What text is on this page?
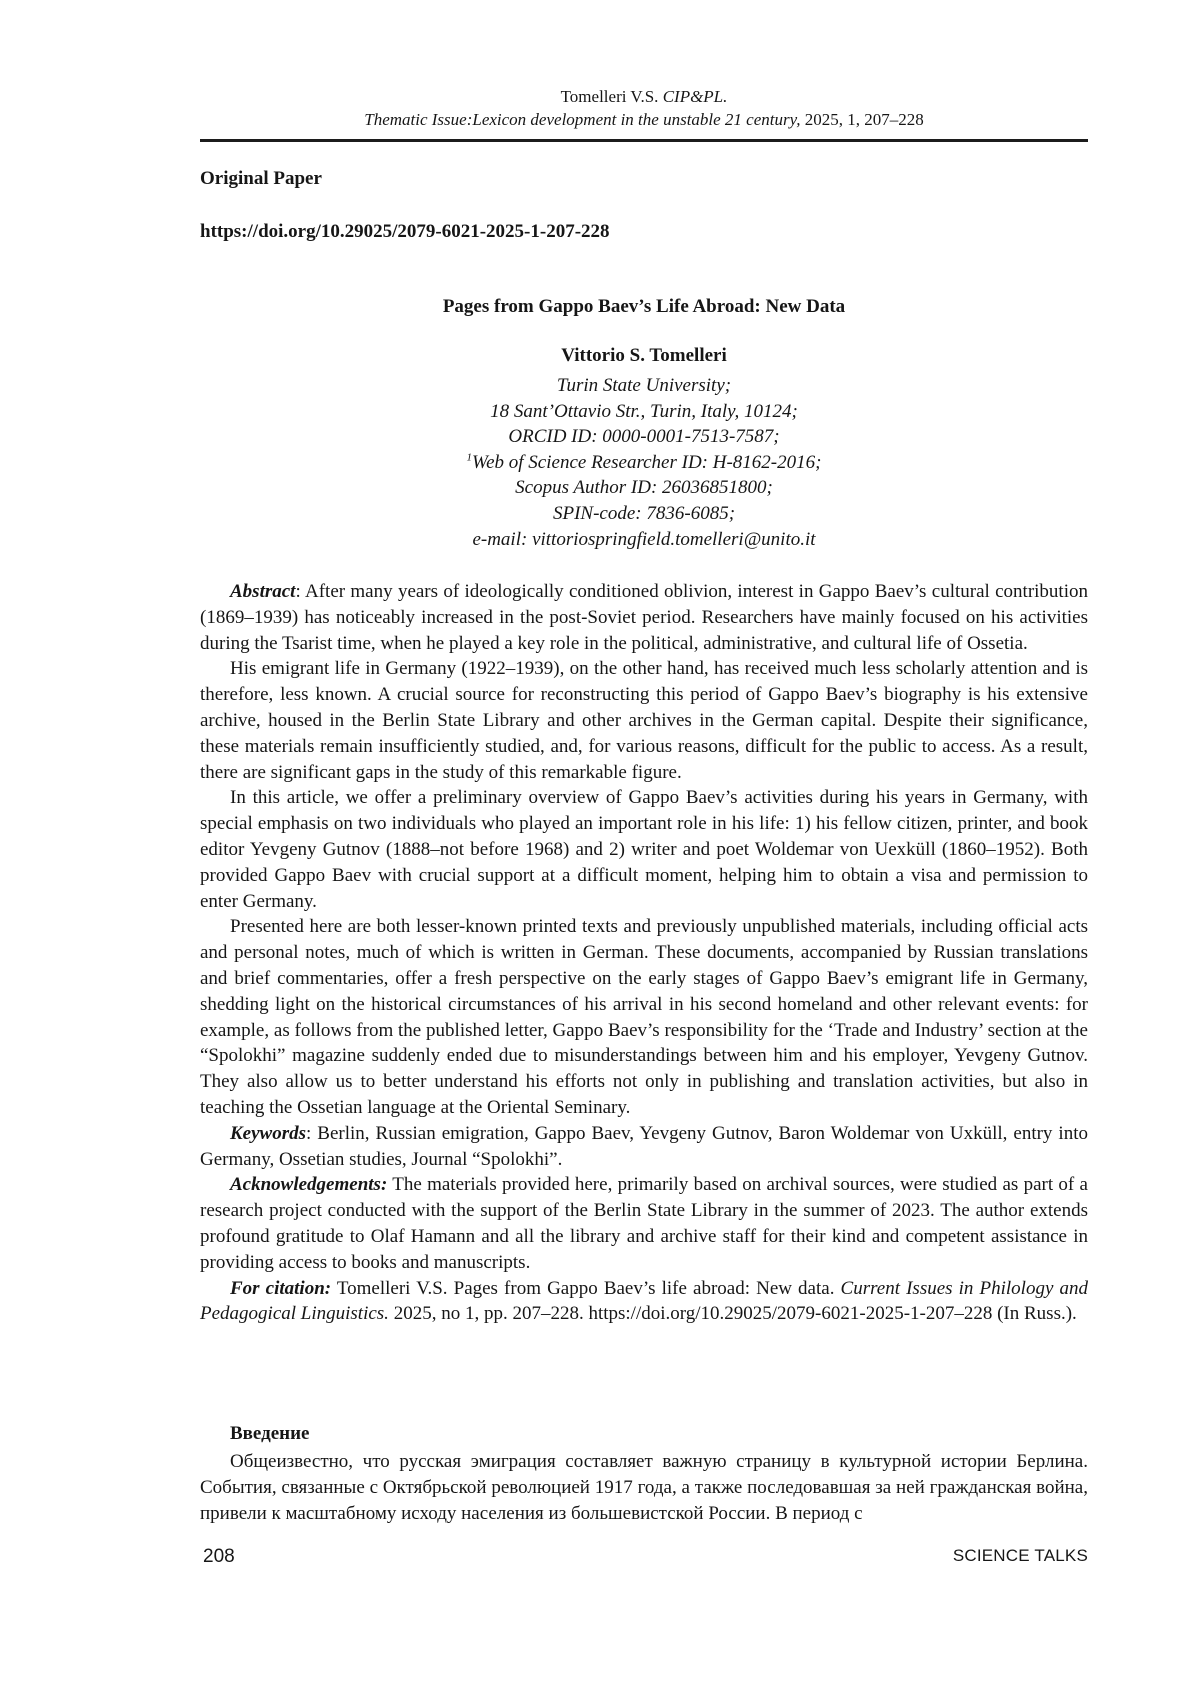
Tomelleri V.S. CIP&PL.
Thematic Issue:Lexicon development in the unstable 21 century, 2025, 1, 207–228
Original Paper
https://doi.org/10.29025/2079-6021-2025-1-207-228
Pages from Gappo Baev’s Life Abroad: New Data
Vittorio S. Tomelleri
Turin State University;
18 Sant’Ottavio Str., Turin, Italy, 10124;
ORCID ID: 0000-0001-7513-7587;
$^1$Web of Science Researcher ID: H-8162-2016;
Scopus Author ID: 26036851800;
SPIN-code: 7836-6085;
e-mail: vittoriospringfield.tomelleri@unito.it

Abstract: After many years of ideologically conditioned oblivion, interest in Gappo Baev’s cultural contribution (1869–1939) has noticeably increased in the post-Soviet period. Researchers have mainly focused on his activities during the Tsarist time, when he played a key role in the political, administrative, and cultural life of Ossetia.

His emigrant life in Germany (1922–1939), on the other hand, has received much less scholarly attention and is therefore, less known. A crucial source for reconstructing this period of Gappo Baev’s biography is his extensive archive, housed in the Berlin State Library and other archives in the German capital. Despite their significance, these materials remain insufficiently studied, and, for various reasons, difficult for the public to access. As a result, there are significant gaps in the study of this remarkable figure.

In this article, we offer a preliminary overview of Gappo Baev’s activities during his years in Germany, with special emphasis on two individuals who played an important role in his life: 1) his fellow citizen, printer, and book editor Yevgeny Gutnov (1888–not before 1968) and 2) writer and poet Woldemar von Uexküll (1860–1952). Both provided Gappo Baev with crucial support at a difficult moment, helping him to obtain a visa and permission to enter Germany.

Presented here are both lesser-known printed texts and previously unpublished materials, including official acts and personal notes, much of which is written in German. These documents, accompanied by Russian translations and brief commentaries, offer a fresh perspective on the early stages of Gappo Baev’s emigrant life in Germany, shedding light on the historical circumstances of his arrival in his second homeland and other relevant events: for example, as follows from the published letter, Gappo Baev’s responsibility for the ‘Trade and Industry’ section at the “Spolokhi” magazine suddenly ended due to misunderstandings between him and his employer, Yevgeny Gutnov. They also allow us to better understand his efforts not only in publishing and translation activities, but also in teaching the Ossetian language at the Oriental Seminary.

Keywords: Berlin, Russian emigration, Gappo Baev, Yevgeny Gutnov, Baron Woldemar von Uxküll, entry into Germany, Ossetian studies, Journal “Spolokhi”.

Acknowledgements: The materials provided here, primarily based on archival sources, were studied as part of a research project conducted with the support of the Berlin State Library in the summer of 2023. The author extends profound gratitude to Olaf Hamann and all the library and archive staff for their kind and competent assistance in providing access to books and manuscripts.

For citation: Tomelleri V.S. Pages from Gappo Baev’s life abroad: New data. Current Issues in Philology and Pedagogical Linguistics. 2025, no 1, pp. 207–228. https://doi.org/10.29025/2079-6021-2025-1-207–228 (In Russ.).

Введение

Общеизвестно, что русская эмиграция составляет важную страницу в культурной истории Берлина. События, связанные с Октябрьской революцией 1917 года, а также последовавшая за ней гражданская война, привели к масштабному исходу населения из большевистской России. В период с

208	SCIENCE TALKS
